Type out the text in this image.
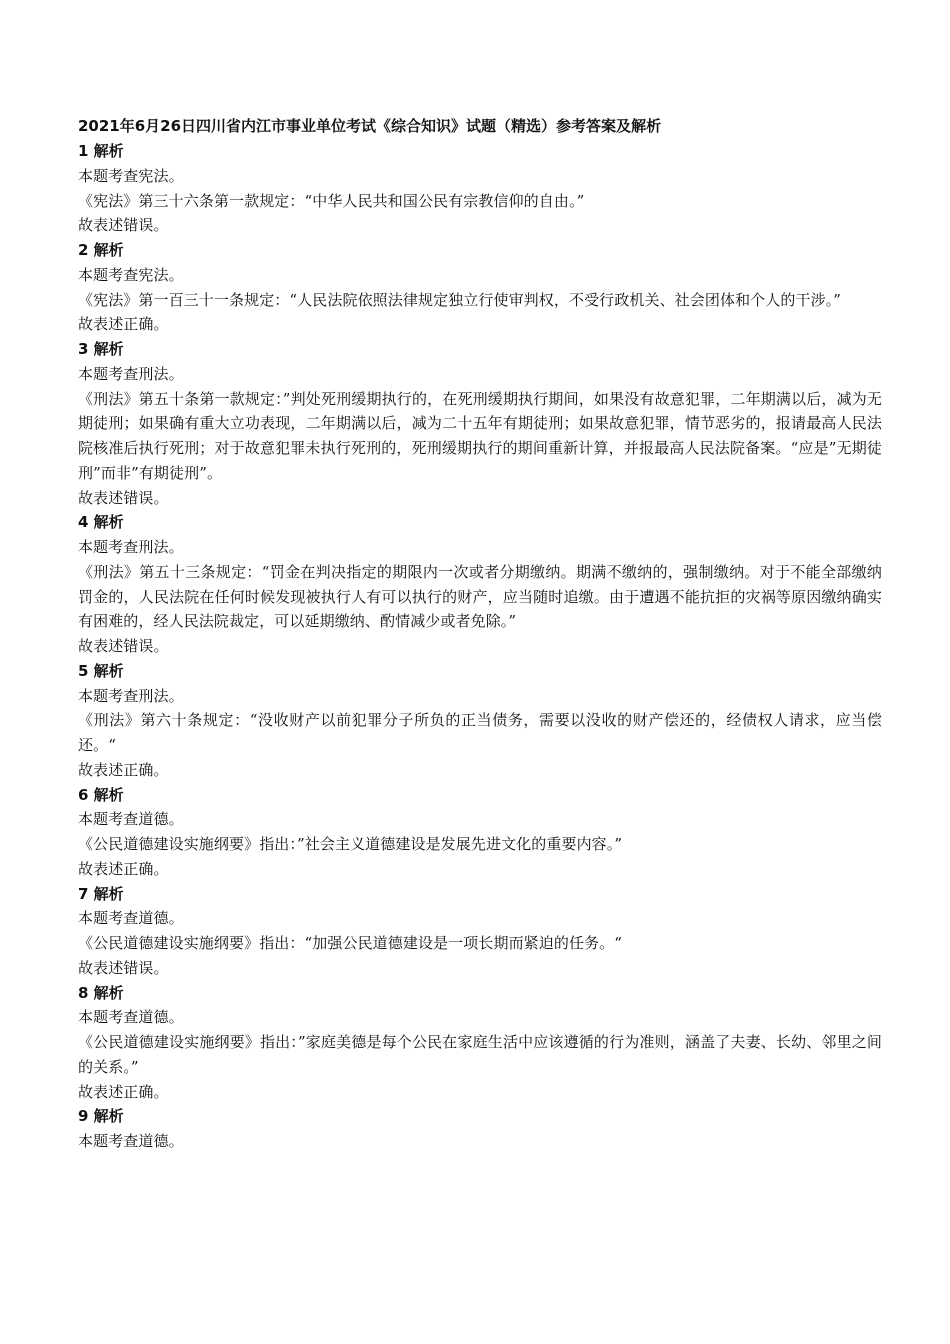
2021年6月26日四川省内江市事业单位考试《综合知识》试题（精选）参考答案及解析
1 解析
本题考查宪法。
《宪法》第三十六条第一款规定：“中华人民共和国公民有宗教信仰的自由。”
故表述错误。
2 解析
本题考查宪法。
《宪法》第一百三十一条规定：“人民法院依照法律规定独立行使审判权，不受行政机关、社会团体和个人的干涉。”
故表述正确。
3 解析
本题考查刑法。
《刑法》第五十条第一款规定：”判处死刑缓期执行的，在死刑缓期执行期间，如果没有故意犯罪，二年期满以后，减为无期徒刑；如果确有重大立功表现，二年期满以后，减为二十五年有期徒刑；如果故意犯罪，情节恶劣的，报请最高人民法院核准后执行死刑；对于故意犯罪未执行死刑的，死刑缓期执行的期间重新计算，并报最高人民法院备案。“应是”无期徒刑”而非”有期徒刑”。
故表述错误。
4 解析
本题考查刑法。
《刑法》第五十三条规定：“罚金在判决指定的期限内一次或者分期缴纳。期满不缴纳的，强制缴纳。对于不能全部缴纳罚金的，人民法院在任何时候发现被执行人有可以执行的财产，应当随时追缴。由于遭遇不能抗拒的灾祸等原因缴纳确实有困难的，经人民法院裁定，可以延期缴纳、酌情减少或者免除。”
故表述错误。
5 解析
本题考查刑法。
《刑法》第六十条规定：“没收财产以前犯罪分子所负的正当债务，需要以没收的财产偿还的，经债权人请求，应当偿还。“
故表述正确。
6 解析
本题考查道德。
《公民道德建设实施纲要》指出：”社会主义道德建设是发展先进文化的重要内容。”
故表述正确。
7 解析
本题考查道德。
《公民道德建设实施纲要》指出：“加强公民道德建设是一项长期而紧迫的任务。“
故表述错误。
8 解析
本题考查道德。
《公民道德建设实施纲要》指出：”家庭美德是每个公民在家庭生活中应该遵循的行为准则，涵盖了夫妻、长幼、邻里之间的关系。”
故表述正确。
9 解析
本题考查道德。
